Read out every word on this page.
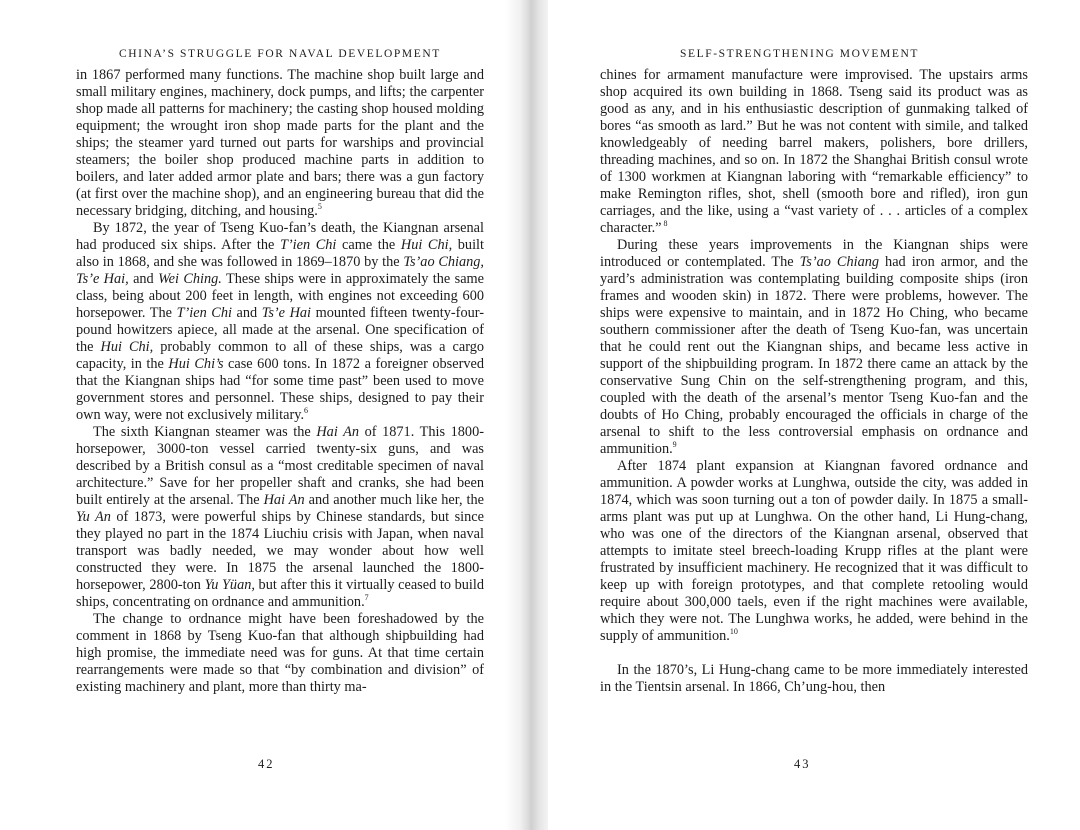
CHINA’S STRUGGLE FOR NAVAL DEVELOPMENT

in 1867 performed many functions. The machine shop built large and small military engines, machinery, dock pumps, and lifts; the carpenter shop made all patterns for machinery; the casting shop housed molding equipment; the wrought iron shop made parts for the plant and the ships; the steamer yard turned out parts for warships and provincial steamers; the boiler shop produced machine parts in addition to boilers, and later added armor plate and bars; there was a gun factory (at first over the machine shop), and an engineering bureau that did the necessary bridging, ditching, and housing.$^5$

By 1872, the year of Tseng Kuo-fan’s death, the Kiangnan arsenal had produced six ships. After the T’ien Chi came the Hui Chi, built also in 1868, and she was followed in 1869–1870 by the Ts’ao Chiang, Ts’e Hai, and Wei Ching. These ships were in approximately the same class, being about 200 feet in length, with engines not exceeding 600 horsepower. The T’ien Chi and Ts’e Hai mounted fifteen twenty-four-pound howitzers apiece, all made at the arsenal. One specification of the Hui Chi, probably common to all of these ships, was a cargo capacity, in the Hui Chi’s case 600 tons. In 1872 a foreigner observed that the Kiangnan ships had “for some time past” been used to move government stores and personnel. These ships, designed to pay their own way, were not exclusively military.$^6$

The sixth Kiangnan steamer was the Hai An of 1871. This 1800-horsepower, 3000-ton vessel carried twenty-six guns, and was described by a British consul as a “most creditable specimen of naval architecture.” Save for her propeller shaft and cranks, she had been built entirely at the arsenal. The Hai An and another much like her, the Yu An of 1873, were powerful ships by Chinese standards, but since they played no part in the 1874 Liuchiu crisis with Japan, when naval transport was badly needed, we may wonder about how well constructed they were. In 1875 the arsenal launched the 1800-horsepower, 2800-ton Yu Yüan, but after this it virtually ceased to build ships, concentrating on ordnance and ammunition.$^7$

The change to ordnance might have been foreshadowed by the comment in 1868 by Tseng Kuo-fan that although shipbuilding had high promise, the immediate need was for guns. At that time certain rearrangements were made so that “by combination and division” of existing machinery and plant, more than thirty ma-

42
SELF-STRENGTHENING MOVEMENT

chines for armament manufacture were improvised. The upstairs arms shop acquired its own building in 1868. Tseng said its product was as good as any, and in his enthusiastic description of gunmaking talked of bores “as smooth as lard.” But he was not content with simile, and talked knowledgeably of needing barrel makers, polishers, bore drillers, threading machines, and so on. In 1872 the Shanghai British consul wrote of 1300 workmen at Kiangnan laboring with “remarkable efficiency” to make Remington rifles, shot, shell (smooth bore and rifled), iron gun carriages, and the like, using a “vast variety of . . . articles of a complex character.” $^8$

During these years improvements in the Kiangnan ships were introduced or contemplated. The Ts’ao Chiang had iron armor, and the yard’s administration was contemplating building composite ships (iron frames and wooden skin) in 1872. There were problems, however. The ships were expensive to maintain, and in 1872 Ho Ching, who became southern commissioner after the death of Tseng Kuo-fan, was uncertain that he could rent out the Kiangnan ships, and became less active in support of the shipbuilding program. In 1872 there came an attack by the conservative Sung Chin on the self-strengthening program, and this, coupled with the death of the arsenal’s mentor Tseng Kuo-fan and the doubts of Ho Ching, probably encouraged the officials in charge of the arsenal to shift to the less controversial emphasis on ordnance and ammunition.$^9$

After 1874 plant expansion at Kiangnan favored ordnance and ammunition. A powder works at Lunghwa, outside the city, was added in 1874, which was soon turning out a ton of powder daily. In 1875 a small-arms plant was put up at Lunghwa. On the other hand, Li Hung-chang, who was one of the directors of the Kiangnan arsenal, observed that attempts to imitate steel breech-loading Krupp rifles at the plant were frustrated by insufficient machinery. He recognized that it was difficult to keep up with foreign prototypes, and that complete retooling would require about 300,000 taels, even if the right machines were available, which they were not. The Lunghwa works, he added, were behind in the supply of ammunition.$^{10}$

In the 1870’s, Li Hung-chang came to be more immediately interested in the Tientsin arsenal. In 1866, Ch’ung-hou, then

43
